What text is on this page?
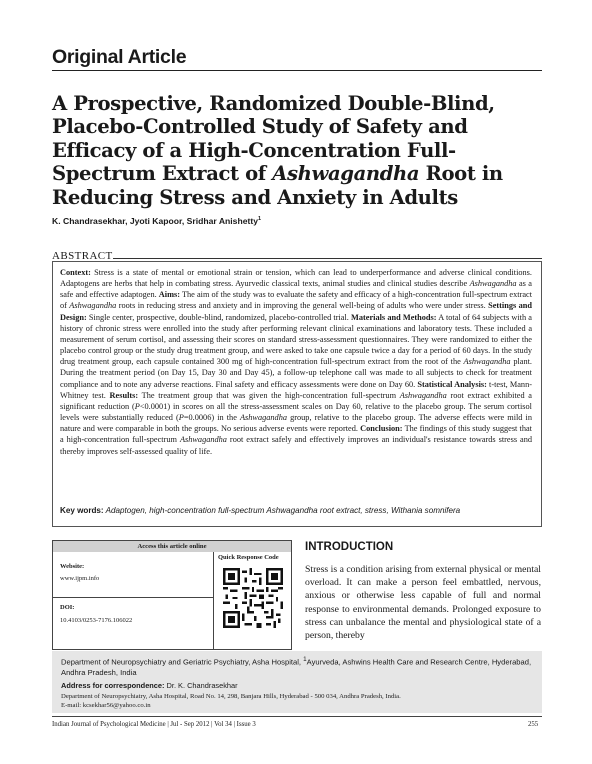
Original Article
A Prospective, Randomized Double-Blind, Placebo-Controlled Study of Safety and Efficacy of a High-Concentration Full-Spectrum Extract of Ashwagandha Root in Reducing Stress and Anxiety in Adults
K. Chandrasekhar, Jyoti Kapoor, Sridhar Anishetty$^1$
ABSTRACT
Context: Stress is a state of mental or emotional strain or tension, which can lead to underperformance and adverse clinical conditions. Adaptogens are herbs that help in combating stress. Ayurvedic classical texts, animal studies and clinical studies describe Ashwagandha as a safe and effective adaptogen. Aims: The aim of the study was to evaluate the safety and efficacy of a high-concentration full-spectrum extract of Ashwagandha roots in reducing stress and anxiety and in improving the general well-being of adults who were under stress. Settings and Design: Single center, prospective, double-blind, randomized, placebo-controlled trial. Materials and Methods: A total of 64 subjects with a history of chronic stress were enrolled into the study after performing relevant clinical examinations and laboratory tests. These included a measurement of serum cortisol, and assessing their scores on standard stress-assessment questionnaires. They were randomized to either the placebo control group or the study drug treatment group, and were asked to take one capsule twice a day for a period of 60 days. In the study drug treatment group, each capsule contained 300 mg of high-concentration full-spectrum extract from the root of the Ashwagandha plant. During the treatment period (on Day 15, Day 30 and Day 45), a follow-up telephone call was made to all subjects to check for treatment compliance and to note any adverse reactions. Final safety and efficacy assessments were done on Day 60. Statistical Analysis: t-test, Mann-Whitney test. Results: The treatment group that was given the high-concentration full-spectrum Ashwagandha root extract exhibited a significant reduction (P<0.0001) in scores on all the stress-assessment scales on Day 60, relative to the placebo group. The serum cortisol levels were substantially reduced (P=0.0006) in the Ashwagandha group, relative to the placebo group. The adverse effects were mild in nature and were comparable in both the groups. No serious adverse events were reported. Conclusion: The findings of this study suggest that a high-concentration full-spectrum Ashwagandha root extract safely and effectively improves an individual's resistance towards stress and thereby improves self-assessed quality of life.
Key words: Adaptogen, high-concentration full-spectrum Ashwagandha root extract, stress, Withania somnifera
Access this article online
Website:
www.ijpm.info
DOI:
10.4103/0253-7176.106022
Quick Response Code
INTRODUCTION
Stress is a condition arising from external physical or mental overload. It can make a person feel embattled, nervous, anxious or otherwise less capable of full and normal response to environmental demands. Prolonged exposure to stress can unbalance the mental and physiological state of a person, thereby
Department of Neuropsychiatry and Geriatric Psychiatry, Asha Hospital, $^1$Ayurveda, Ashwins Health Care and Research Centre, Hyderabad, Andhra Pradesh, India
Address for correspondence: Dr. K. Chandrasekhar
Department of Neuropsychiatry, Asha Hospital, Road No. 14, 298, Banjara Hills, Hyderabad - 500 034, Andhra Pradesh, India.
E-mail: kcsekhar56@yahoo.co.in
Indian Journal of Psychological Medicine | Jul - Sep 2012 | Vol 34 | Issue 3	255
